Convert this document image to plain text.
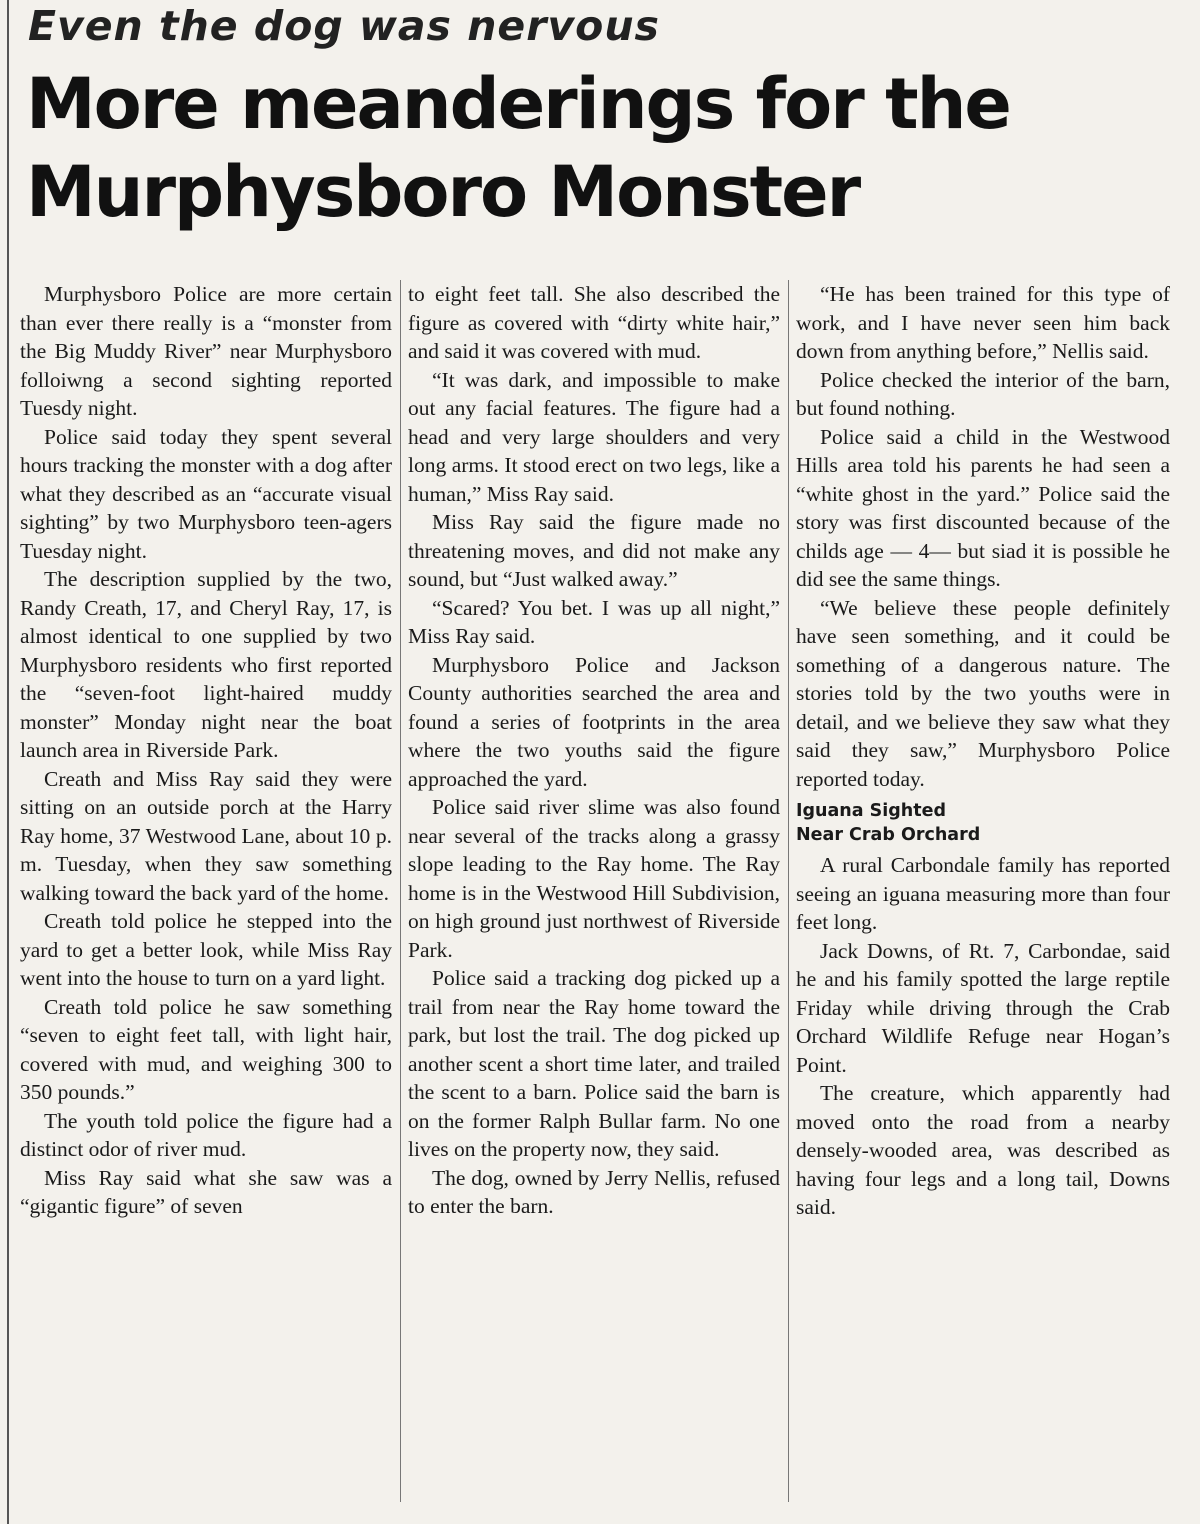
Even the dog was nervous
More meanderings for the Murphysboro Monster

Murphysboro Police are more certain than ever there really is a “monster from the Big Muddy River” near Murphysboro folloiwng a second sighting reported Tuesdy night.

Police said today they spent several hours tracking the monster with a dog after what they described as an “accurate visual sighting” by two Murphysboro teen-agers Tuesday night.

The description supplied by the two, Randy Creath, 17, and Cheryl Ray, 17, is almost identical to one supplied by two Murphysboro residents who first reported the “seven-foot light-haired muddy monster” Monday night near the boat launch area in Riverside Park.

Creath and Miss Ray said they were sitting on an outside porch at the Harry Ray home, 37 Westwood Lane, about 10 p. m. Tuesday, when they saw something walking toward the back yard of the home.

Creath told police he stepped into the yard to get a better look, while Miss Ray went into the house to turn on a yard light.

Creath told police he saw something “seven to eight feet tall, with light hair, covered with mud, and weighing 300 to 350 pounds.”

The youth told police the figure had a distinct odor of river mud.

Miss Ray said what she saw was a “gigantic figure” of seven

to eight feet tall. She also described the figure as covered with “dirty white hair,” and said it was covered with mud.

“It was dark, and impossible to make out any facial features. The figure had a head and very large shoulders and very long arms. It stood erect on two legs, like a human,” Miss Ray said.

Miss Ray said the figure made no threatening moves, and did not make any sound, but “Just walked away.”

“Scared? You bet. I was up all night,” Miss Ray said.

Murphysboro Police and Jackson County authorities searched the area and found a series of footprints in the area where the two youths said the figure approached the yard.

Police said river slime was also found near several of the tracks along a grassy slope leading to the Ray home. The Ray home is in the Westwood Hill Subdivision, on high ground just northwest of Riverside Park.

Police said a tracking dog picked up a trail from near the Ray home toward the park, but lost the trail. The dog picked up another scent a short time later, and trailed the scent to a barn. Police said the barn is on the former Ralph Bullar farm. No one lives on the property now, they said.

The dog, owned by Jerry Nellis, refused to enter the barn.

“He has been trained for this type of work, and I have never seen him back down from anything before,” Nellis said.

Police checked the interior of the barn, but found nothing.

Police said a child in the Westwood Hills area told his parents he had seen a “white ghost in the yard.” Police said the story was first discounted because of the childs age — 4— but siad it is possible he did see the same things.

“We believe these people definitely have seen something, and it could be something of a dangerous nature. The stories told by the two youths were in detail, and we believe they saw what they said they saw,” Murphysboro Police reported today.

Iguana Sighted
Near Crab Orchard

A rural Carbondale family has reported seeing an iguana measuring more than four feet long.

Jack Downs, of Rt. 7, Carbondae, said he and his family spotted the large reptile Friday while driving through the Crab Orchard Wildlife Refuge near Hogan’s Point.

The creature, which apparently had moved onto the road from a nearby densely-wooded area, was described as having four legs and a long tail, Downs said.
